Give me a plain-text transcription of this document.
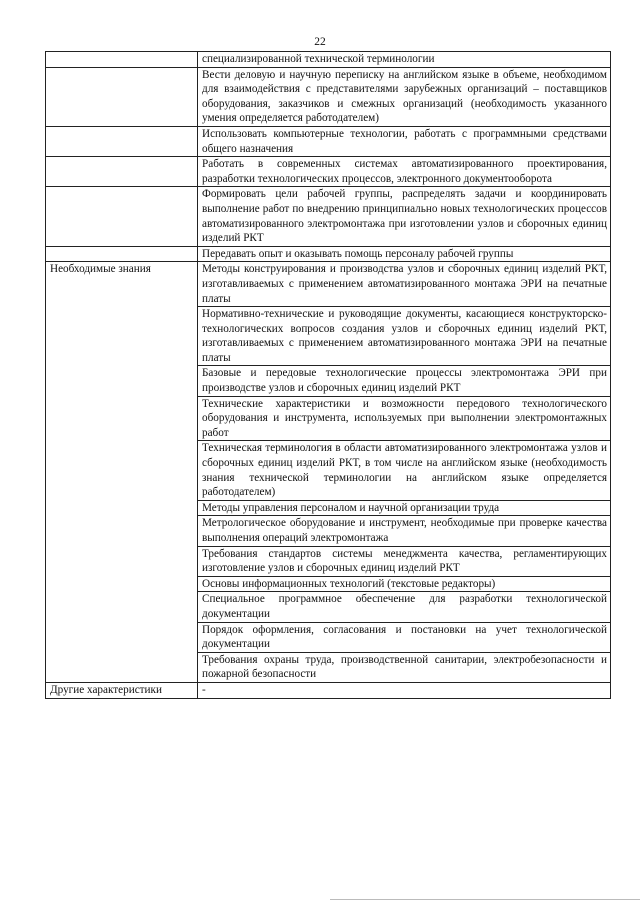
22
	специализированной технической терминологии
	Вести деловую и научную переписку на английском языке в объеме, необходимом для взаимодействия с представителями зарубежных организаций – поставщиков оборудования, заказчиков и смежных организаций (необходимость указанного умения определяется работодателем)
	Использовать компьютерные технологии, работать с программными средствами общего назначения
	Работать в современных системах автоматизированного проектирования, разработки технологических процессов, электронного документооборота
	Формировать цели рабочей группы, распределять задачи и координировать выполнение работ по внедрению принципиально новых технологических процессов автоматизированного электромонтажа при изготовлении узлов и сборочных единиц изделий РКТ
	Передавать опыт и оказывать помощь персоналу рабочей группы
Необходимые знания	Методы конструирования и производства узлов и сборочных единиц изделий РКТ, изготавливаемых с применением автоматизированного монтажа ЭРИ на печатные платы
	Нормативно-технические и руководящие документы, касающиеся конструкторско-технологических вопросов создания узлов и сборочных единиц изделий РКТ, изготавливаемых с применением автоматизированного монтажа ЭРИ на печатные платы
	Базовые и передовые технологические процессы электромонтажа ЭРИ при производстве узлов и сборочных единиц изделий РКТ
	Технические характеристики и возможности передового технологического оборудования и инструмента, используемых при выполнении электромонтажных работ
	Техническая терминология в области автоматизированного электромонтажа узлов и сборочных единиц изделий РКТ, в том числе на английском языке (необходимость знания технической терминологии на английском языке определяется работодателем)
	Методы управления персоналом и научной организации труда
	Метрологическое оборудование и инструмент, необходимые при проверке качества выполнения операций электромонтажа
	Требования стандартов системы менеджмента качества, регламентирующих изготовление узлов и сборочных единиц изделий РКТ
	Основы информационных технологий (текстовые редакторы)
	Специальное программное обеспечение для разработки технологической документации
	Порядок оформления, согласования и постановки на учет технологической документации
	Требования охраны труда, производственной санитарии, электробезопасности и пожарной безопасности
Другие характеристики	-
